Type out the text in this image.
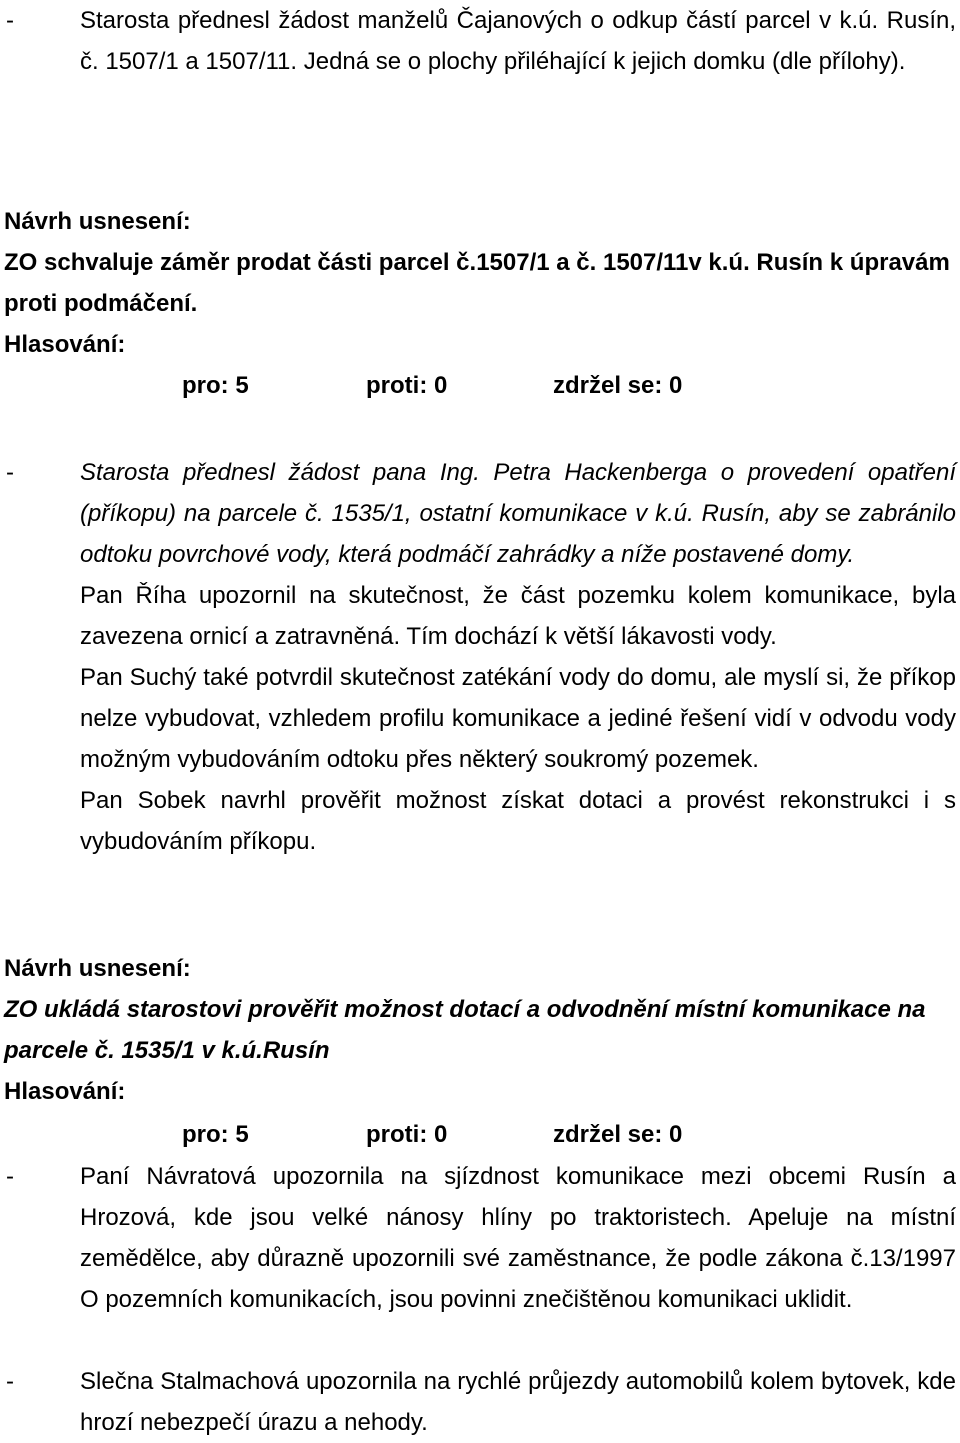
-	Starosta přednesl žádost manželů Čajanových o odkup částí parcel v k.ú. Rusín, č. 1507/1 a 1507/11. Jedná se o plochy přiléhající k jejich domku (dle přílohy).
Návrh usnesení:
ZO schvaluje záměr prodat části parcel č.1507/1 a č. 1507/11v k.ú. Rusín k úpravám proti podmáčení.
Hlasování:
pro: 5	proti: 0	zdržel se: 0
-	Starosta přednesl žádost pana Ing. Petra Hackenberga o provedení opatření (příkopu) na parcele č. 1535/1, ostatní komunikace v k.ú. Rusín, aby se zabránilo odtoku povrchové vody, která podmáčí zahrádky a níže postavené domy.
Pan Říha upozornil na skutečnost, že část pozemku kolem komunikace, byla zavezena ornicí a zatravněná. Tím dochází k větší lákavosti vody.
Pan Suchý také potvrdil skutečnost zatékání vody do domu, ale myslí si, že příkop nelze vybudovat, vzhledem profilu komunikace a jediné řešení vidí v odvodu vody možným vybudováním odtoku přes některý soukromý pozemek.
Pan Sobek navrhl prověřit možnost získat dotaci a provést rekonstrukci i s vybudováním příkopu.
Návrh usnesení:
ZO ukládá starostovi prověřit možnost dotací a odvodnění místní komunikace na parcele č. 1535/1 v k.ú.Rusín
Hlasování:
pro: 5	proti: 0	zdržel se: 0
-	Paní Návratová upozornila na sjízdnost komunikace mezi obcemi Rusín a Hrozová, kde jsou velké nánosy hlíny po traktoristech. Apeluje na místní zemědělce, aby důrazně upozornili své zaměstnance, že podle zákona č.13/1997 O pozemních komunikacích, jsou povinni znečištěnou komunikaci uklidit.
-	Slečna Stalmachová upozornila na rychlé průjezdy automobilů kolem bytovek, kde hrozí nebezpečí úrazu a nehody.
